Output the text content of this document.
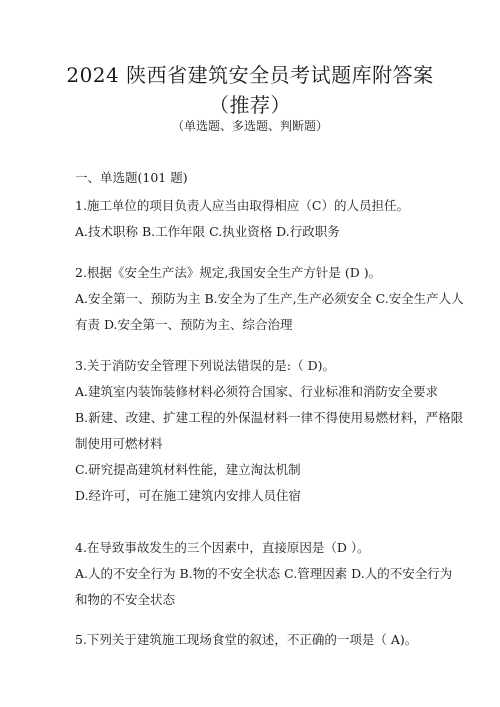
2024 陕西省建筑安全员考试题库附答案（推荐）
（单选题、多选题、判断题）
一、单选题(101 题)
1.施工单位的项目负责人应当由取得相应（C）的人员担任。
A.技术职称 B.工作年限 C.执业资格 D.行政职务
2.根据《安全生产法》规定,我国安全生产方针是 (D )。
A.安全第一、预防为主 B.安全为了生产,生产必须安全 C.安全生产人人
有责 D.安全第一、预防为主、综合治理
3.关于消防安全管理下列说法错误的是:（ D)。
A.建筑室内装饰装修材料必须符合国家、行业标准和消防安全要求
B.新建、改建、扩建工程的外保温材料一律不得使用易燃材料，严格限
制使用可燃材料
C.研究提高建筑材料性能，建立淘汰机制
D.经许可，可在施工建筑内安排人员住宿
4.在导致事故发生的三个因素中，直接原因是（D ）。
A.人的不安全行为 B.物的不安全状态 C.管理因素 D.人的不安全行为
和物的不安全状态
5.下列关于建筑施工现场食堂的叙述，不正确的一项是（ A)。
